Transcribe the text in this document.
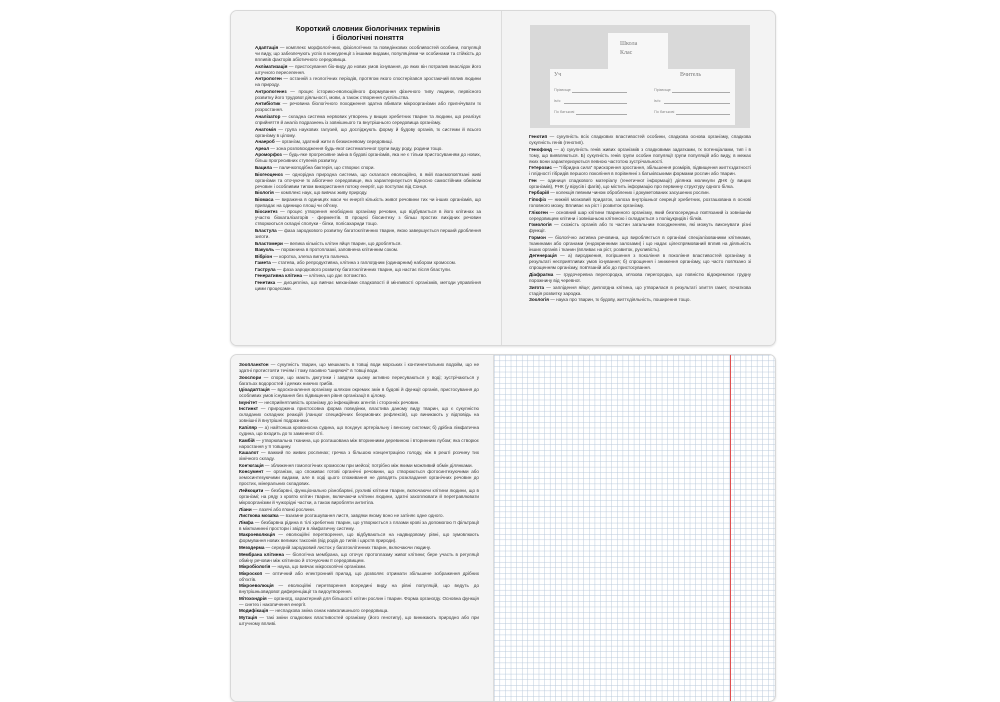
Короткий словник біологічних термінів

і біологічні поняття

Адаптація — комплекс морфологічних, фізіологічних та поведінкових особливостей особини, популяції чи виду, що забезпечують успіх в конкуренції з іншими видами, популяціями чи особинами та стійкість до впливів факторів абіотичного середовища.

Акліматизація — пристосування біо-виду до нових умов існування, до яких він потрапив внаслідок його штучного переселення.

Антропоген — останній з геологічних періодів, протягом якого спостерігався зростаючий вплив людини на природу.

Антропогенез — процес історико-еволюційного формування фізичного типу людини, первісного розвитку його трудової діяльності, мови, а також створення суспільства.

Антибіотик — речовина біологічного походження здатна вбивати мікроорганізми або пригнічувати їх розростання.

Аналізатор — складна система нервових утворень у вищих хребетних тварин та людини, що реалізує сприйняття й аналіз подразнень із зовнішнього та внутрішнього середовища організму.

Анатомія — група наукових галузей, що досліджують форму й будову органів, їх системи й всього організму в цілому.

Анаероб — організм, здатний жити в безкисневому середовищі.

Ареал — зона розповсюдження будь-якої систематичної групи виду роду, родини тощо.

Ароморфоз — будь-яке прогресивне зміна в будові організмів, яка не є тільки пристосуванням до нових, більш прогресивних ступенів розвитку.

Бацила — паличкоподібна бактерія, що створює спори.

Біогеоценоз — однорідна природна система, що склалася еволюційно, в якій взаємопов'язані живі організми та оточуюче їх абіотичне середовище, яка характеризується відносно самостійним обміном речовин і особливим типом використання потоку енергії, що поступає від Сонця.

Біологія — комплекс наук, що вивчає живу природу.

Біомаса — виражена в одиницях маси чи енергії кількість живої речовини тих чи інших організмів, що припадає на одиницю площі чи об'єму.

Біосинтез — процес утворення необхідних організму речовин, що відбувається в його клітинах за участю біокаталізаторів - ферментів. В процесі біосинтезу з більш простих вихідних речовин створюються складні сполуки - білки, полісахариди тощо.

Бластула — фаза зародкового розвитку багатоклітинних тварин, якою завершується перший дроблення зиготи.

Бластомери — велика кількість клітин яйця тварин, що дробляться.

Вакуоль — порожнина в протоплазмі, заповнена клітинним соком.

Вібріон — коротка, злегка вигнута паличка.

Гамета — статева, або репродуктивна, клітина з гаплоїдним (одинарним) набором хромосом.

Гаструла — фаза зародкового розвитку багатоклітинних тварин, що настає після бластули.

Генеративна клітина — клітина, що дає потомство.

Генетика — дисципліна, що вивчає механізми спадковості й мінливості організмів, методи управління цими процесами.

Школа
Клас
Уч	Вчитель
Прізвище
Ім'я
По батькові
Прізвище
Ім'я
По батькові

Генотип — сукупність всіх спадкових властивостей особини, спадкова основа організму, спадкова сукупність генів (генотип).

Генофонд — а) сукупність генів живих організмів з спадковими задатками, їх потенціалами, тип і в тому, що виявляються. Б) сукупність генів групи особин популяції групи популяцій або виду, в межах яких вони характеризуються певною частотою зустрічальності.

Гетерозис — "гібридна сила" прискорення зростання, збільшення розмірів, підвищення життєздатності і плідності гібридів першого покоління в порівнянні з батьківськими формами рослин або тварин.

Ген — одиниця спадкового матеріалу (генетичної інформації) ділянка молекули ДНК (у вищих організмів), РНК (у вірусів і фагів), що містить інформацію про первинну структуру одного білка.

Гербарій — колекція певним чином оброблених і докуметованих засушених рослин.

Гіпофіз — нижній мозковий придаток, залоза внутрішньої секреції хребетних, розташована в основі головного мозку. Впливає на ріст і розвиток організму.

Глікоген — основний шар клітини тваринного організму, який безпосередньо пов'язаний із зовнішнім середовищем клітини і зовнішньою клітиною і складається з поліцукридів і білків.

Гомологія — схожість органів або їх частин загальним походженням, які можуть виконувати різні функції.

Гормон — біологічно активна речовина, що виробляється в організмі спеціалізованими клітинами, тканинами або органами (ендокринними залозами) і що надає цілеспрямований вплив на діяльність інших органів і тканин (впливає на ріст, розвиток, рухливість).

Дегенерація — а) вироджения, погіршення з покоління в покоління властивостей організму в результаті несприятливих умов існування; б) спрощення і зниження організму, що часто пов'язано зі спрощенням організму, пов'язаній або до пристосування.

Діафрагма — грудочеревна перегородка, м'язова перегородка, що повністю відокремлює грудну порожнину від черевної.

Зигота — заплідення яйце; диплоїдна клітина, що утворилася в результаті злиття гамет, початкова стадія розвитку зародка.

Зоологія — наука про тварин, їх будову, життєдіяльність, поширення тощо.

Зоопланктон — сукупність тварин, що мешкають в товщі води морських і континентальних водойм, що не здатні протистояти течіям і тому пасивно "ширяючі" в товщі води.

Зооспори — спори, що мають джгутики і завдяки цьому активно пересуваються у воді; зустрічаються у багатьох водоростей і деяких нижчих грибів.

Ідіоадаптація — вдосконалення організму шляхом окремих змін в будові й функції органів, пристосування до особливих умов існування без підвищення рівня організації в цілому.

Імунітет — несприйнятливість організму до інфекційних агентів і сторонніх речовин.

Інстинкт — природжена пристосовна форма поведінки, властива даному виду тварин, що є сукупністю складаних складних реакцій (ланцюг специфічних безумовних рефлексів), що виникають у відповідь на зовнішні й внутрішні подразники.

Капіляр — а) найтонша кровоносна судина, що поєднує артеріальну і венозну системи; б) дрібна лімфатична судина, що входить до їх замкненої сіті.

Камбій — утворювальна тканина, що розташована між вторинними деревиною і вторинним лубом; яка створює наростання у її товщину.

Кашалот — важкий по живих рослинах; гречка з більшою концентрацією голоду, ніж в решті розчину тих хімічного складу.

Кон'югація — зближення гомологічних хромосом при мейозі; потрібно між якими можливий обмін ділянками.

Консумент — організм, що споживає готові органічні речовини, що створюються фотосинтезуючими або хемосинтезуючими видами, але в ході цього споживання не доводять розкладання органічних речовин до простих, мінеральних складових.

Лейкоцити — безбарвні, функціонально різнобарвні, рухливі клітини тварин, включаючи клітини людини, що в організмі; на ряду з кров'ю клітин тварин, включаючи клітини людини, здатні захоплювати й перетравлювати мікроорганізми й чужорідні частки, а також виробляти антитіла.

Ліани — лазячі або в'юнкі рослини.

Листкова мозаїка — взаємне розташування листя, завдяки якому воно не затіняє одне одного.

Лімфа — безбарвна рідина в тілі хребетних тварин, що утворюється з плазми крові за допомогою її фільтрації в міжтканинні простори і звідти в лімфатичну систему.

Макроеволюція — еволюційні перетворення, що відбуваються на надвидовому рівні, що зумовлюють формування нових великих таксонів (від родів до типів і царств природи).

Мезодерма — середній зародковий листок у багатоклітинних тварин, включаючи людину.

Мембрана клітинна — біологічна мембрана, що оточує протоплазму живої клітини; бере участь в регуляції обміну речовин між клітиною й оточуючим її середовищем.

Мікробіологія — наука, що вивчає мікроскопічні організми.

Мікроскоп — оптичний або електронний прилад, що дозволяє отримати збільшене зображення дрібних об'єктів.

Мікроеволюція — еволюційні перетворення всередині виду на рівні популяцій, що ведуть до внутрішньовидової диференціації та видоутворення.

Мітохондрія — органоїд, характерний для більшості клітин рослин і тварин. Форма органоїду. Основна функція — синтез і накопичення енергії.

Модифікація — неспадкова зміна ознак навколишнього середовища.

Мутація — такі зміни спадкових властивостей організму (його генотипу), що виникають природно або при штучному впливі.
